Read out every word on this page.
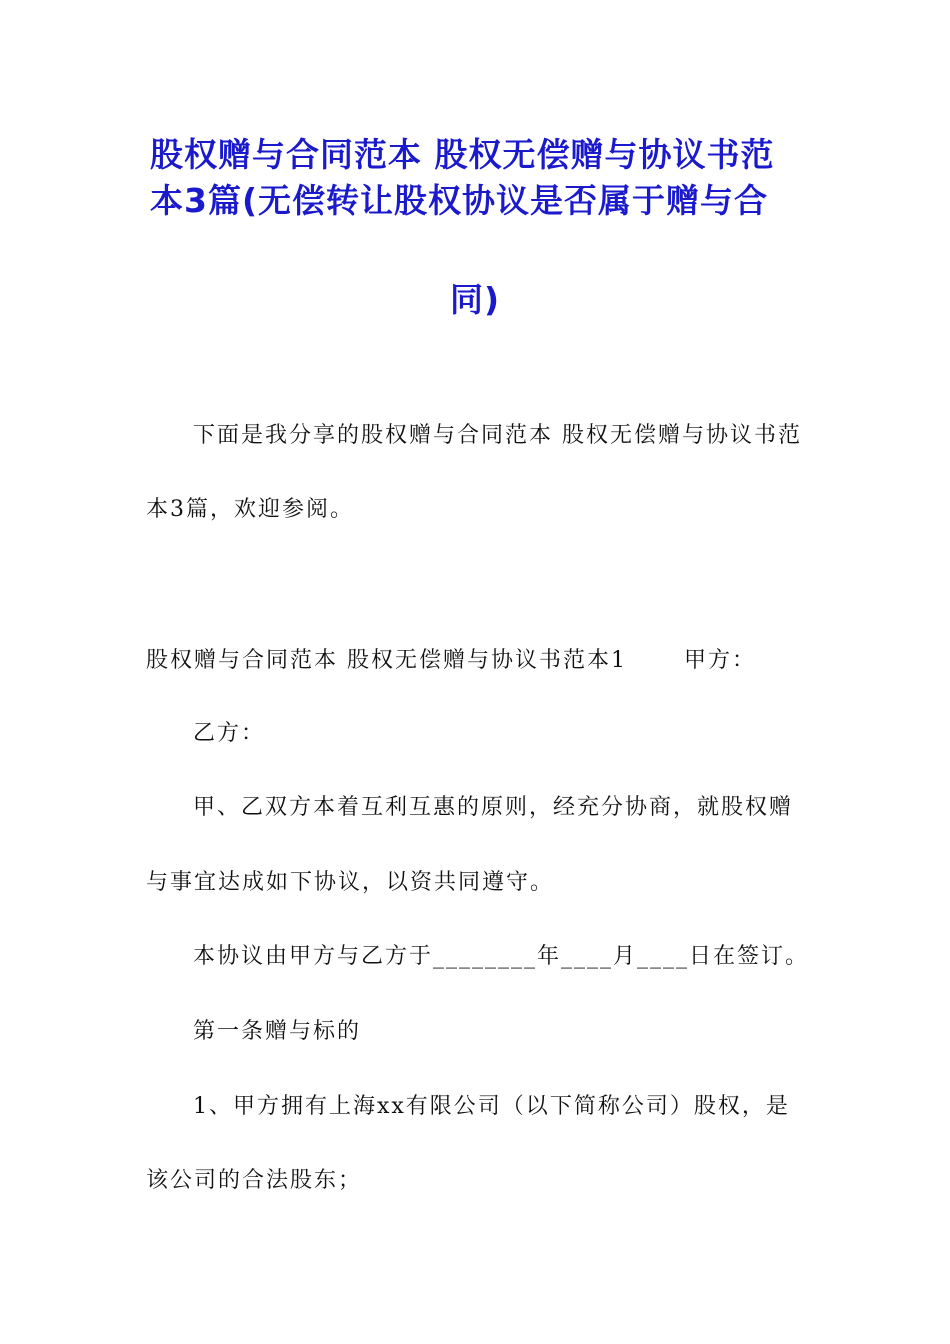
股权赠与合同范本 股权无偿赠与协议书范
本3篇(无偿转让股权协议是否属于赠与合
同)
下面是我分享的股权赠与合同范本 股权无偿赠与协议书范
本3篇，欢迎参阅。
股权赠与合同范本 股权无偿赠与协议书范本1　　 甲方：
乙方：
甲、乙双方本着互利互惠的原则，经充分协商，就股权赠
与事宜达成如下协议，以资共同遵守。
本协议由甲方与乙方于________年____月____日在签订。
第一条赠与标的
1、甲方拥有上海xx有限公司（以下简称公司）股权，是
该公司的合法股东；
